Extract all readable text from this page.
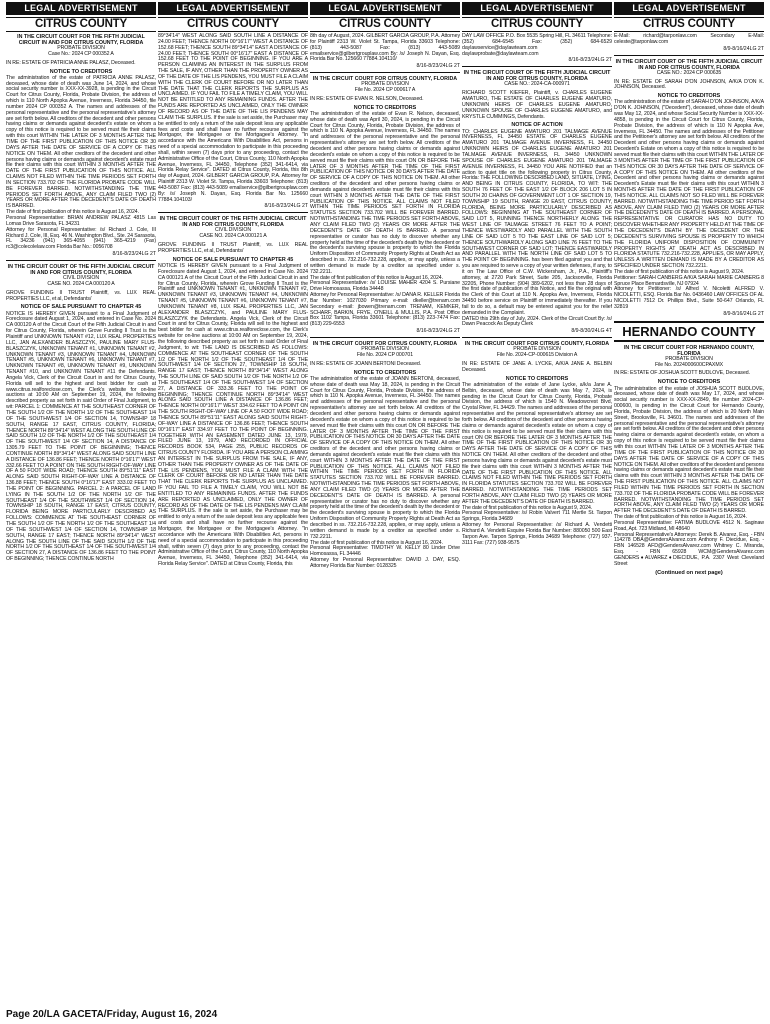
LEGAL ADVERTISEMENT
CITRUS COUNTY
IN THE CIRCUIT COURT FOR THE FIFTH JUDICIAL CIRCUIT IN AND FOR CITRUS COUNTY, FLORIDA
PROBATE DIVISION
Case No.: 2024 CP 000352 A
IN RE: ESTATE OF PATRICIA ANNE PALASZ, Deceased.
NOTICE TO CREDITORS
The administration of the estate of PATRICIA ANNE PALASZ, deceased, whose date of death was June 14, 2024, and whose social security number is XXX-XX-3928, is pending in the Circuit Court for Citrus County, Florida, Probate Division, the address of which is 110 North Apopka Avenue, Inverness, Florida 34450, file number 2024 CP 000352 A. The names and addresses of the personal representative and the personal representative's attorney are set forth below. All creditors of the decedent and other persons having claims or demands against decedent's estate on whom a copy of this notice is required to be served must file their claims with this court WITHIN THE LATER OF 3 MONTHS AFTER THE TIME OF THE FIRST PUBLICATION OF THIS NOTICE OR 30 DAYS AFTER THE DATE OF SERVICE OF A COPY OF THIS NOTICE ON THEM. All other creditors of the decedent and other persons having claims or demands against decedent's estate must file their claims with this court WITHIN 3 MONTHS AFTER THE DATE OF THE FIRST PUBLICATION OF THIS NOTICE. ALL CLAIMS NOT FILED WITHIN THE TIME PERIODS SET FORTH IN SECTION 733.702 OF THE FLORIDA PROBATE CODE WILL BE FOREVER BARRED. NOTWITHSTANDING THE TIME PERIODS SET FORTH ABOVE, ANY CLAIM FILED TWO (2) YEARS OR MORE AFTER THE DECEDENT'S DATE OF DEATH IS BARRED.
The date of first publication of this notice is August 16, 2024.
Personal Representative: BRIAN ANDREW PALASZ 4815 Las Lomas Drive Sarasota, FL 34231
Attorney for Personal Representative: /s/ Richard J. Cole, III Richard J. Cole, III, Esq. 46 N. Washington Blvd., Ste. 24 Sarasota, FL 34236 (941) 365-4055 (941) 365-4219 (Fax) rc3@colecolelaw.com Florida Bar No.: 0056708
8/16-8/23/24LG 2T
IN THE CIRCUIT COURT OF THE FIFTH JUDICIAL CIRCUIT IN AND FOR CITRUS COUNTY, FLORIDA
CIVIL DIVISION
CASE NO. 2024 CA 000120 A
GROVE FUNDING II TRUST Plaintiff, vs. LUX REAL PROPERTIES LLC, et al, Defendants/
NOTICE OF SALE PURSUANT TO CHAPTER 45
NOTICE IS HEREBY GIVEN pursuant to a Final Judgment of Foreclosure dated August 1, 2024, and entered in Case No. 2024 CA 000120 A of the Circuit Court of the Fifth Judicial Circuit in and for Citrus County, Florida, wherein Grove Funding II Trust is the Plaintiff and UNKNOWN TENANT #12, LUX REAL PROPERTIES LLC, JAN ALEXANDER BLASZCZYK, PAULINE MARY FLUS-BLASZCZYK, UNKNOWN TENANT #1, UNKNOWN TENANT #2, UNKNOWN TENANT #3, UNKNOWN TENANT #4, UNKNOWN TENANT #5, UNKNOWN TENANT #6, UNKNOWN TENANT #7, UNKNOWN TENANT #8, UNKNOWN TENANT #9, UNKNOWN TENANT #10, and UNKNOWN TENANT #11 the Defendants. Angela Vick, Clerk of the Circuit Court in and for Citrus County, Florida will sell to the highest and best bidder for cash at www.citrus.realforeclose.com, the Clerk's website for on-line auctions at 10:00 AM on September 19, 2024, the following described property as set forth in said Order of Final Judgment, to wit: PARCEL 1: COMMENCE AT THE SOUTHEAST CORNER OF THE SOUTH 1/2 OF THE NORTH 1/2 OF THE SOUTHEAST 1/4 OF THE SOUTHWEST 1/4 OF SECTION 14, TOWNSHIP 18 SOUTH, RANGE 17 EAST, CITRUS COUNTY, FLORIDA; THENCE NORTH 89°34'14" WEST ALONG THE SOUTH LINE OF SAID SOUTH 1/2 OF THE NORTH 1/2 OF THE SOUTHEAST 1/4 OF THE SOUTHWEST 1/4 OF SECTION 14, A DISTANCE OF 1305.79 FEET TO THE POINT OF BEGINNING; THENCE CONTINUE NORTH 89°34'14" WEST ALONG SAID SOUTH LINE A DISTANCE OF 136.86 FEET; THENCE NORTH 0°16'17" WEST 332.66 FEET TO A POINT ON THE SOUTH RIGHT-OF-WAY LINE OF A 50 FOOT WIDE ROAD; THENCE SOUTH 89°51'11" EAST ALONG SAID SOUTH RIGHT-OF-WAY LINE A DISTANCE OF 136.88 FEET; THENCE SOUTH 0°16'17" EAST 333.02 FEET TO THE POINT OF BEGINNING. PARCEL 2: A PARCEL OF LAND LYING IN THE SOUTH 1/2 OF THE NORTH 1/2 OF THE SOUTHEAST 1/4 OF THE SOUTHWEST 1/4 OF SECTION 14, TOWNSHIP 18 SOUTH, RANGE 17 EAST, CITRUS COUNTY, FLORIDA BEING MORE PARTICULARLY DESCRIBED AS FOLLOWS: COMMENCE AT THE SOUTHEAST CORNER OF THE SOUTH 1/2 OF THE NORTH 1/2 OF THE SOUTHEAST 1/4 OF THE SOUTHWEST 1/4 OF SECTION 14, TOWNSHIP 18 SOUTH, RANGE 17 EAST; THENCE NORTH 89°34'14" WEST ALONG THE SOUTH LINE OF THE SAID SOUTH 1/2 OF THE NORTH 1/2 OF THE SOUTHEAST 1/4 OF THE SOUTHWEST 1/4 OF SECTION 27, A DISTANCE OF 136.86 FEET TO THE POINT OF BEGINNING; THENCE CONTINUE NORTH
LEGAL ADVERTISEMENT
CITRUS COUNTY
89°34'14" WEST ALONG SAID SOUTH LINE A DISTANCE OF 24.00 FEET; THENCE NORTH 00°16'17" WEST A DISTANCE OF 152.68 FEET; THENCE SOUTH 89°34'14" EAST A DISTANCE OF 24.00 FEET; THENCE SOUTH 00°16'17" EAST A DISTANCE OF 152.68 FEET TO THE POINT OF BEGINNING. IF YOU ARE A PERSON CLAIMING AN INTEREST IN THE SURPLUS FROM THE SALE, IF ANY, OTHER THAN THE PROPERTY OWNER AS OF THE DATE OF THE LIS PENDENS, YOU MUST FILE A CLAIM WITH THE CLERK OF COURT BEFORE OR NO LATER THAN THE DATE THAT THE CLERK REPORTS THE SURPLUS AS UNCLAIMED. IF YOU FAIL TO FILE A TIMELY CLAIM, YOU WILL NOT BE ENTITLED TO ANY REMAINING FUNDS. AFTER THE FUNDS ARE REPORTED AS UNCLAIMED, ONLY THE OWNER OF RECORD AS OF THE DATE OF THE LIS PENDENS MAY CLAIM THE SURPLUS. If the sale is set aside, the Purchaser may be entitled to only a return of the sale deposit less any applicable fees and costs and shall have no further recourse against the Mortgagor, the Mortgagee or the Mortgagee's Attorney. "In accordance with the Americans With Disabilities Act, persons in need of a special accommodation to participate in this proceeding shall, within seven (7) days prior to any proceeding, contact the Administrative Office of the Court, Citrus County, 110 North Apopka Avenue, Inverness, FL 34450, Telephone (352) 341-6414, via Florida Relay Service". DATED at Citrus County, Florida, this 8th day of August, 2024. GILBERT GARCIA GROUP, P.A. Attorney for Plaintiff 2313 W. Violet St. Tampa, Florida 33603 Telephone: (813) 443-5087 Fax: (813) 443-5089 emailservice@gilbertgrouplaw.com By: /s/ Joseph N. Dayan, Esq. Florida Bar No. 125660 77884.104103/
8/16-8/23/24LG 2T
IN THE CIRCUIT COURT OF THE FIFTH JUDICIAL CIRCUIT IN AND FOR CITRUS COUNTY, FLORIDA
CIVIL DIVISION
CASE NO. 2024 CA 000121 A
GROVE FUNDING II TRUST Plaintiff, vs. LUX REAL PROPERTIES LLC, et al, Defendants/
NOTICE OF SALE PURSUANT TO CHAPTER 45
NOTICE IS HEREBY GIVEN pursuant to a Final Judgment of Foreclosure dated August 1, 2024, and entered in Case No. 2024 CA 000121 A of the Circuit Court of the Fifth Judicial Circuit in and for Citrus County, Florida, wherein Grove Funding II Trust is the Plaintiff and UNKNOWN TENANT #1, UNKNOWN TENANT #2, UNKNOWN TENANT #3, UNKNOWN TENANT #4, UNKNOWN TENANT #5, UNKNOWN TENANT #6, UNKNOWN TENANT #7, UNKNOWN TENANT #8, LUX REAL PROPERTIES LLC, JAN ALEXANDER BLASZCZYK, and PAULINE MARY FLUS-BLASZCZYK the Defendants. Angela Vick, Clerk of the Circuit Court in and for Citrus County, Florida will sell to the highest and best bidder for cash at www.citrus.realforeclose.com, the Clerk's website for on-line auctions at 10:00 AM on September 19, 2024, the following described property as set forth in said Order of Final Judgment, to wit: THE LAND IS DESCRIBED AS FOLLOWS: COMMENCE AT THE SOUTHEAST CORNER OF THE SOUTH 1/2 OF THE NORTH 1/2 OF THE SOUTHEAST 1/4 OF THE SOUTHWEST 1/4 OF SECTION 27, TOWNSHIP 18 SOUTH, RANGE 17 EAST; THENCE NORTH 89°34'14" WEST ALONG THE SOUTH LINE OF SAID SOUTH 1/2 OF THE NORTH 1/2 OF THE SOUTHEAST 1/4 OF THE SOUTHWEST 1/4 OF SECTION 27, A DISTANCE OF 333.36 FEET TO THE POINT OF BEGINNING; THENCE CONTINUE NORTH 89°34'14" WEST ALONG SAID SOUTH LINE A DISTANCE OF 136.86 FEET; THENCE NORTH 00°16'17" WEST 334.62 FEET TO A POINT ON THE SOUTH RIGHT-OF-WAY LINE OF A 50 FOOT WIDE ROAD; THENCE SOUTH 89°51'11" EAST ALONG SAID SOUTH RIGHT-OF-WAY LINE A DISTANCE OF 136.86 FEET; THENCE SOUTH 00°16'17" EAST 334.97 FEET TO THE POINT OF BEGINNING. TOGETHER WITH AN EASEMENT DATED JUNE 13, 1979, FILED JUNE 13, 1979, AND RECORDED IN OFFICIAL RECORDS BOOK 534, PAGE 255, PUBLIC RECORDS OF CITRUS COUNTY FLORIDA. IF YOU ARE A PERSON CLAIMING AN INTEREST IN THE SURPLUS FROM THE SALE, IF ANY, OTHER THAN THE PROPERTY OWNER AS OF THE DATE OF THE LIS PENDENS, YOU MUST FILE A CLAIM WITH THE CLERK OF COURT BEFORE OR NO LATER THAN THE DATE THAT THE CLERK REPORTS THE SURPLUS AS UNCLAIMED. IF YOU FAIL TO FILE A TIMELY CLAIM, YOU WILL NOT BE ENTITLED TO ANY REMAINING FUNDS. AFTER THE FUNDS ARE REPORTED AS UNCLAIMED, ONLY THE OWNER OF RECORD AS OF THE DATE OF THE LIS PENDENS MAY CLAIM THE SURPLUS. If the sale is set aside, the Purchaser may be entitled to only a return of the sale deposit less any applicable fees and costs and shall have no further recourse against the Mortgagor, the Mortgagee or the Mortgagee's Attorney. "In accordance with the Americans With Disabilities Act, persons in need of a special accommodation to participate in this proceeding shall, within seven (7) days prior to any proceeding, contact the Administrative Office of the Court, Citrus County, 110 North Apopka Avenue, Inverness, FL 34450, Telephone (352) 341-6414, via Florida Relay Service". DATED at Citrus County, Florida, this
LEGAL ADVERTISEMENT
CITRUS COUNTY
8th day of August, 2024. GILBERT GARCIA GROUP, P.A. Attorney for Plaintiff 2313 W. Violet St. Tampa, Florida 33603 Telephone: (813) 443-5087 Fax: (813) 443-5089 emailservice@gilbertgrouplaw.com By: /s/ Joseph N. Dayan, Esq. Florida Bar No. 125660 77884.104110/
8/16-8/23/24LG 2T
IN THE CIRCUIT COURT FOR CITRUS COUNTY, FLORIDA
PROBATE DIVISION
File No. 2024 CP 000617 A
IN RE: ESTATE OF EVAN R. NELSON, Deceased.
NOTICE TO CREDITORS
The administration of the estate of Evan R. Nelson, deceased, whose date of death was April 30, 2024, is pending in the Circuit Court for Citrus County, Florida, Probate Division, the address of which is 110 N. Apopka Avenue, Inverness, FL 34450. The names and addresses of the personal representative and the personal representative's attorney are set forth below. All creditors of the decedent and other persons having claims or demands against decedent's estate on whom a copy of this notice is required to be served must file their claims with this court ON OR BEFORE THE LATER OF 3 MONTHS AFTER THE TIME OF THE FIRST PUBLICATION OF THIS NOTICE OR 30 DAYS AFTER THE DATE OF SERVICE OF A COPY OF THIS NOTICE ON THEM. All other creditors of the decedent and other persons having claims or demands against decedent's estate must file their claims with this court WITHIN 3 MONTHS AFTER THE DATE OF THE FIRST PUBLICATION OF THIS NOTICE. ALL CLAIMS NOT FILED WITHIN THE TIME PERIODS SET FORTH IN FLORIDA STATUTES SECTION 733.702 WILL BE FOREVER BARRED. NOTWITHSTANDING THE TIME PERIODS SET FORTH ABOVE, ANY CLAIM FILED TWO (2) YEARS OR MORE AFTER THE DECEDENT'S DATE OF DEATH IS BARRED. A personal representative or curator has no duty to discover whether any property held at the time of the decedent's death by the decedent or the decedent's surviving spouse is property to which the Florida Uniform Disposition of Community Property Rights at Death Act as described in ss. 732.216-732.228, applies, or may apply, unless a written demand is made by a creditor as specified under s. 732.2211.
The date of first publication of this notice is August 16, 2024.
Personal Representative: /s/ LOUISE MAHER 4204 S. Pursiane Drive Homosassa, Florida 34448
Attorney for Personal Representative: /s/ DANA R. KELLER Florida Bar Number: 1027030 Primary e-mail: dkeller@trenam.com Secondary e-mail: jbowen@trenam.com TRENAM, KEMKER, SCHARF, BARKIN, FRYE, O'NEILL & MULLIS, P.A. Post Office Box 1102 Tampa, Florida 33601 Telephone: (813) 223-7474 Fax: (813) 229-6553
8/16-8/23/24LG 2T
IN THE CIRCUIT COURT FOR CITRUS COUNTY, FLORIDA
PROBATE DIVISION
File No. 2024 CP 000701
IN RE: ESTATE OF JOANN BERTONI Deceased.
NOTICE TO CREDITORS
The administration of the estate of JOANN BERTONI, deceased, whose date of death was May 18, 2024, is pending in the Circuit Court for Citrus County, Florida, Probate Division, the address of which is 110 N. Apopka Avenue, Inverness, FL 34450. The names and addresses of the personal representative and the personal representative's attorney are set forth below. All creditors of the decedent and other persons having claims or demands against decedent's estate on whom a copy of this notice is required to be served must file their claims with this court ON OR BEFORE THE LATER OF 3 MONTHS AFTER THE TIME OF THE FIRST PUBLICATION OF THIS NOTICE OR 30 DAYS AFTER THE DATE OF SERVICE OF A COPY OF THIS NOTICE ON THEM. All other creditors of the decedent and other persons having claims or demands against decedent's estate must file their claims with this court WITHIN 3 MONTHS AFTER THE DATE OF THE FIRST PUBLICATION OF THIS NOTICE. ALL CLAIMS NOT FILED WITHIN THE TIME PERIODS SET FORTH IN FLORIDA STATUTES SECTION 733.702 WILL BE FOREVER BARRED. NOTWITHSTANDING THE TIME PERIODS SET FORTH ABOVE, ANY CLAIM FILED TWO (2) YEARS OR MORE AFTER THE DECEDENT'S DATE OF DEATH IS BARRED. A personal representative or curator has no duty to discover whether any property held at the time of the decedent's death by the decedent or the decedent's surviving spouse is property to which the Florida Uniform Disposition of Community Property Rights at Death Act as described in ss. 732.216-732.228, applies, or may apply, unless a written demand is made by a creditor as specified under s. 732.2211.
The date of first publication of this notice is August 16, 2024.
Personal Representative: TIMOTHY W. KELLY 80 Linder Drive Homosassa, FL 34446
Attorney for Personal Representative: DAVID J. DAY, ESQ. Attorney Florida Bar Number: 0128325
LEGAL ADVERTISEMENT
CITRUS COUNTY
DAY LAW OFFICE P.O. Box 5535 Spring Hill, FL 34611 Telephone: (352) 684-6545 Fax: (352) 684-6529 daylawservice@daylawteam.com daylawprobate@daylawteam.com
8/16-8/23/24LG 2T
IN THE CIRCUIT COURT OF THE FIFTH JUDICIAL CIRCUIT IN AND FOR CITRUS COUNTY, FLORIDA
CASE NO.: 2024-CA-000971
RICHARD SCOTT KIEFER, Plaintiff, v. CHARLES EUGENE AMATURO, THE ESTATE OF CHARLES EUGENE AMATURO, UNKNOWN HEIRS OF CHARLES EUGENE AMATURO, UNKNOWN SPOUSE OF CHARLES EUGENE AMATURO, and KRYSTLE CUMMINGS, Defendants.
NOTICE OF ACTION
TO: CHARLES EUGENE AMATURO 201 TALMAGE AVENUE INVERNESS, FL 34450 ESTATE OF CHARLES EUGENE AMATURO 201 TALMAGE AVENUE INVERNESS, FL 34450 UNKNOWN HEIRS OF CHARLES EUGENE AMATURO 201 TALMAGE AVENUE INVERNESS, FL 34450 UNKNOWN SPOUSE OF CHARLES EUGENE AMATURO 201 TALMAGE AVENUE INVERNESS, FL 34450 YOU ARE NOTIFIED that an action to quiet title on the following property in Citrus County, Florida: THE FOLLOWING DESCRIBED LAND, SITUATE, LYING, AND BEING IN CITRUS COUNTY, FLORIDA, TO WIT: THE SOUTH 76 FEET OF THE EAST 1/2 OF BLOCK 206 LOT 5 IN SOUTH 20 CHAINS OF GOVERNMENT LOT 1 OF SECTION 19, TOWNSHIP 19 SOUTH, RANGE 20 EAST, CITRUS COUNTY, FLORIDA, BEING MORE PARTICULARLY DESCRIBED AS FOLLOWS: BEGINNING AT THE SOUTHEAST CORNER OF SAID LOT 5, RUNNING THENCE NORTHERLY ALONG THE WEST LINE OF TALMAGE STREET 76 FEET TO A POINT; THENCE WESTWARDLY AND PARALLEL WITH THE SOUTH LINE OF SAID LOT 5 TO THE EAST LINE OF SAID LOT 5; THENCE SOUTHWARDLY ALONG SAID LINE 76 FEET TO THE SOUTHWEST CORNER OF SAID LOT; THENCE EASTWARDLY AND PARALLEL WITH THE NORTH LINE OF SAID LOT 5 TO THE POINT OF BEGINNING. has been filed against you and that you are required to serve a copy of your written defenses, if any, to it on The Law Office of C.W. Wickersham, Jr., P.A., Plaintiff's attorney, at 2720 Park Street, Suite 205, Jacksonville, Florida 32205, Phone Number: (904) 389-6202, not less than 28 days of the first date of publication of this Notice, and file the original with the Clerk of this Court at 110 N. Apopka Ave, Inverness, Florida 34450 before service on Plaintiff or immediately thereafter. If you fail to do so, a default may be entered against you for the relief demanded in the Complaint.
DATED this 29th day of July, 2024. Clerk of the Circuit Court By: /s/ Dawn Peacock As Deputy Clerk
8/9-8/30/24LG 4T
IN THE CIRCUIT COURT FOR CITRUS COUNTY, FLORIDA
PROBATE DIVISION
File No. 2024-CP-000615 Division A
IN RE: ESTATE OF JANE A. LYCKE, A/K/A JANE A. BELBIN Deceased.
NOTICE TO CREDITORS
The administration of the estate of Jane Lycke, a/k/a Jane A. Belbin, deceased, whose date of death was May 7, 2024, is pending in the Circuit Court for Citrus County, Florida, Probate Division, the address of which is 1540 N. Meadowcrest Blvd, Crystal River, FL 34429. The names and addresses of the personal representative and the personal representative's attorney are set forth below. All creditors of the decedent and other persons having claims or demands against decedent's estate on whom a copy of this notice is required to be served must file their claims with this court ON OR BEFORE THE LATER OF 3 MONTHS AFTER THE TIME OF THE FIRST PUBLICATION OF THIS NOTICE OR 30 DAYS AFTER THE DATE OF SERVICE OF A COPY OF THIS NOTICE ON THEM. All other creditors of the decedent and other persons having claims or demands against decedent's estate must file their claims with this court WITHIN 3 MONTHS AFTER THE DATE OF THE FIRST PUBLICATION OF THIS NOTICE. ALL CLAIMS NOT FILED WITHIN THE TIME PERIODS SET FORTH IN FLORIDA STATUTES SECTION 733.702 WILL BE FOREVER BARRED. NOTWITHSTANDING THE TIME PERIODS SET FORTH ABOVE, ANY CLAIM FILED TWO (2) YEARS OR MORE AFTER THE DECEDENT'S DATE OF DEATH IS BARRED.
The date of first publication of this notice is August 9, 2024.
Personal Representative: /s/ Robin Valvert 711 Mertle St. Tarpon Springs, Florida 34689
Attorney for Personal Representative: /s/ Richard A. Vendetti Richard A. Vendetti Esquire Florida Bar Number: 880050 500 East Tarpon Ave. Tarpon Springs, Florida 34689 Telephone: (727) 937-3111 Fax: (727) 938-9575
LEGAL ADVERTISEMENT
CITRUS COUNTY
E-Mail: richard@tarponlaw.com Secondary E-Mail: celeste@tarponlaw.com
8/9-8/16/24LG 2T
IN THE CIRCUIT COURT OF THE FIFTH JUDICIAL CIRCUIT IN AND FOR CITRUS COUNTY, FLORIDA
CASE NO.: 2024 CP 000635
IN RE: ESTATE OF SARAH D'ON JOHNSON, A/K/A D'ON K. JOHNSON, Deceased.
NOTICE TO CREDITORS
The administration of the estate of SARAH D'ON JOHNSON, A/K/A D'ON K. JOHNSON, ("Decedent"), deceased, whose date of death was May 12, 2024, and whose Social Security Number is XXX-XX-4858, is pending in the Circuit Court for Citrus County, Florida, Probate Division, the address of which is 110 N Apopka Ave, Inverness, FL 34450. The names and addresses of the Petitioner and the Petitioner's attorney are set forth below. All creditors of the Decedent and other persons having claims or demands against Decedent's Estate on whom a copy of this notice is required to be served must file their claims with this court WITHIN THE LATER OF 3 MONTHS AFTER THE TIME OF THE FIRST PUBLICATION OF THIS NOTICE OR 30 DAYS AFTER THE DATE OF SERVICE OF A COPY OF THIS NOTICE ON THEM. All other creditors of the Decedent and other persons having claims or demands against Decedent's Estate must file their claims with this court WITHIN 3 MONTHS AFTER THE DATE OF THE FIRST PUBLICATION OF THIS NOTICE. ALL CLAIMS NOT SO FILED WILL BE FOREVER BARRED. NOTWITHSTANDING THE TIME PERIOD SET FORTH ABOVE, ANY CLAIM FILED TWO (2) YEARS OR MORE AFTER THE DECEDENT'S DATE OF DEATH IS BARRED. A PERSONAL REPRESENTATIVE OR CURATOR HAS NO DUTY TO DISCOVER WHETHER ANY PROPERTY HELD AT THE TIME OF THE DECEDENT'S DEATH BY THE DECEDENT OR THE DECEDENT'S SURVIVING SPOUSE IS PROPERTY TO WHICH THE FLORIDA UNIFORM DISPOSITION OF COMMUNITY PROPERTY RIGHTS AT DEATH ACT AS DESCRIBED IN FLORIDA STATUTE 732.216-732.228, APPLIES, OR MAY APPLY, UNLESS A WRITTEN DEMAND IS MADE BY A CREDITOR AS SPECIFIED UNDER SECTION 732.2211.
The date of first publication of this notice is August 9, 2024.
Petitioner: SARAH CANBERG A/K/A SARAH MARIE CANBERG 8 Spruce Place Bernardsville, NJ 07924
Attorney for Petitioner: /s/ Alfred V. Nicoletti ALFRED V. NICOLETTI, ESQ. Florida Bar No. 0436460 LAW OFFICES OF AL NICOLETTI 7512 Dr. Phillips Blvd., Suite 50-647 Orlando, FL 32819
8/9-8/16/24LG 2T
HERNANDO COUNTY
IN THE CIRCUIT COURT FOR HERNANDO COUNTY, FLORIDA
PROBATE DIVISION
File No. 2024000600CPAXMX
IN RE: ESTATE OF JOSHUA SCOTT BUDLOVE, Deceased.
NOTICE TO CREDITORS
The administration of the estate of JOSHUA SCOTT BUDLOVE, deceased, whose date of death was May 17, 2024, and whose social security number is XXX-XX-2849, file number 2024-CP-000600, is pending in the Circuit Court for Hernando County, Florida, Probate Division, the address of which is 20 North Main Street, Brooksville, FL 34601. The names and addresses of the personal representative and the personal representative's attorney are set forth below. All creditors of the decedent and other persons having claims or demands against decedent's estate, on whom a copy of this notice is required to be served must file their claims with this court WITHIN THE LATER OF 3 MONTHS AFTER THE TIME OF THE FIRST PUBLICATION OF THIS NOTICE OR 30 DAYS AFTER THE DATE OF SERVICE OF A COPY OF THIS NOTICE ON THEM. All other creditors of the decedent and persons having claims or demands against decedent's estate must file their claims with this court WITHIN 3 MONTHS AFTER THE DATE OF THE FIRST PUBLICATION OF THIS NOTICE. ALL CLAIMS NOT FILED WITHIN THE TIME PERIODS SET FORTH IN SECTION 733.702 OF THE FLORIDA PROBATE CODE WILL BE FOREVER BARRED. NOTWITHSTANDING THE TIME PERIODS SET FORTH ABOVE, ANY CLAIM FILED TWO (2) YEARS OR MORE AFTER THE DECEDENT'S DATE OF DEATH IS BARRED.
The date of first publication of this notice is August 16, 2024.
Personal Representative: FATIMA BUDLOVE 4512 N. Saginaw Road, Apt. 723 Midland, MI 48640
Personal Representative's Attorneys: Derek B. Alvarez, Esq. - FBN 114278 DBA@GendersAlvarez.com Anthony F. Diecidue, Esq. - FBN 146528 AFD@GendersAlvarez.com Whitney C. Miranda, Esq. - FBN 65928 WCM@GendersAlvarez.com GENDERS♦ALVAREZ♦DIECIDUE, P.A. 2307 West Cleveland Street
(Continued on next page)
Page 20/LA GACETA/Friday, August 16, 2024
